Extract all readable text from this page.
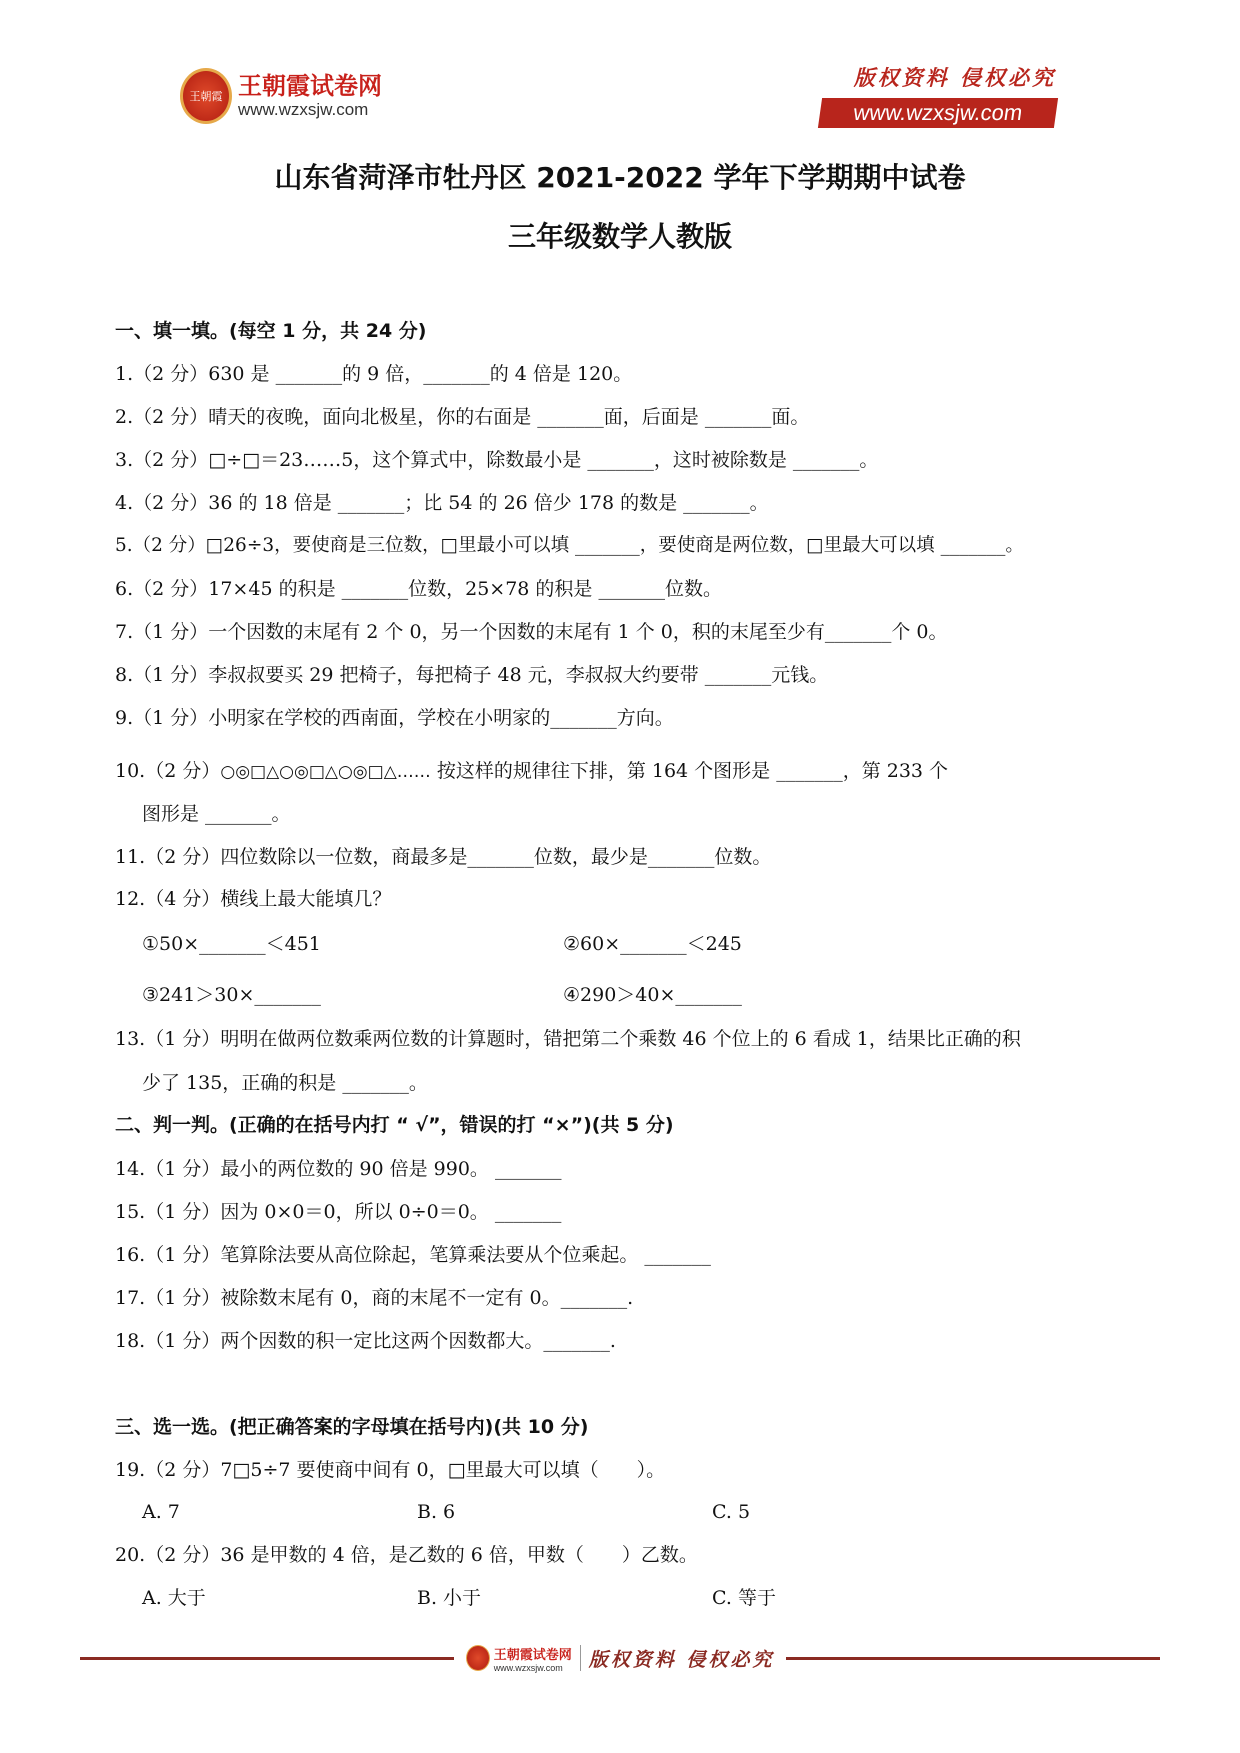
王朝霞 王朝霞试卷网
www.wzxsjw.com
版权资料 侵权必究
www.wzxsjw.com
山东省菏泽市牡丹区 2021-2022 学年下学期期中试卷
三年级数学人教版
一、填一填。(每空 1 分，共 24 分)
1.（2 分）630 是 _______的 9 倍，_______的 4 倍是 120。
2.（2 分）晴天的夜晚，面向北极星，你的右面是 _______面，后面是 _______面。
3.（2 分）□÷□＝23……5，这个算式中，除数最小是 _______，这时被除数是 _______。
4.（2 分）36 的 18 倍是 _______；比 54 的 26 倍少 178 的数是 _______。
5.（2 分）□26÷3，要使商是三位数，□里最小可以填 _______，要使商是两位数，□里最大可以填 _______。
6.（2 分）17×45 的积是 _______位数，25×78 的积是 _______位数。
7.（1 分）一个因数的末尾有 2 个 0，另一个因数的末尾有 1 个 0，积的末尾至少有_______个 0。
8.（1 分）李叔叔要买 29 把椅子，每把椅子 48 元，李叔叔大约要带 _______元钱。
9.（1 分）小明家在学校的西南面，学校在小明家的_______方向。
10.（2 分）○◎□△○◎□△○◎□△…… 按这样的规律往下排，第 164 个图形是 _______，第 233 个
图形是 _______。
11.（2 分）四位数除以一位数，商最多是_______位数，最少是_______位数。
12.（4 分）横线上最大能填几？
①50×_______＜451	②60×_______＜245
③241＞30×_______	④290＞40×_______
13.（1 分）明明在做两位数乘两位数的计算题时，错把第二个乘数 46 个位上的 6 看成 1，结果比正确的积
少了 135，正确的积是 _______。
二、判一判。(正确的在括号内打 “ √”，错误的打 “×”)(共 5 分)
14.（1 分）最小的两位数的 90 倍是 990。 _______
15.（1 分）因为 0×0＝0，所以 0÷0＝0。 _______
16.（1 分）笔算除法要从高位除起，笔算乘法要从个位乘起。 _______
17.（1 分）被除数末尾有 0，商的末尾不一定有 0。_______.
18.（1 分）两个因数的积一定比这两个因数都大。_______.
三、选一选。(把正确答案的字母填在括号内)(共 10 分)
19.（2 分）7□5÷7 要使商中间有 0，□里最大可以填（　　）。
A. 7	B. 6	C. 5
20.（2 分）36 是甲数的 4 倍，是乙数的 6 倍，甲数（　　）乙数。
A. 大于	B. 小于	C. 等于
王朝霞试卷网
www.wzxsjw.com	版权资料 侵权必究
